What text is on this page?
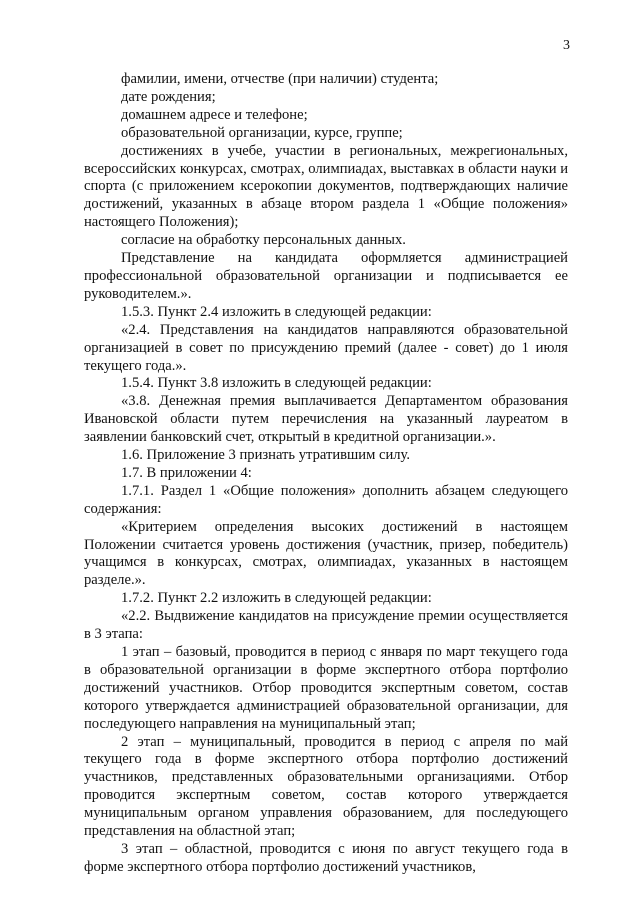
3

фамилии, имени, отчестве (при наличии) студента;

дате рождения;

домашнем адресе и телефоне;

образовательной организации, курсе, группе;

достижениях в учебе, участии в региональных, межрегиональных, всероссийских конкурсах, смотрах, олимпиадах, выставках в области науки и спорта (с приложением ксерокопии документов, подтверждающих наличие достижений, указанных в абзаце втором раздела 1 «Общие положения» настоящего Положения);

согласие на обработку персональных данных.

Представление на кандидата оформляется администрацией профессиональной образовательной организации и подписывается ее руководителем.».

1.5.3. Пункт 2.4 изложить в следующей редакции:

«2.4. Представления на кандидатов направляются образовательной организацией в совет по присуждению премий (далее - совет) до 1 июля текущего года.».

1.5.4. Пункт 3.8 изложить в следующей редакции:

«3.8. Денежная премия выплачивается Департаментом образования Ивановской области путем перечисления на указанный лауреатом в заявлении банковский счет, открытый в кредитной организации.».

1.6. Приложение 3 признать утратившим силу.

1.7. В приложении 4:

1.7.1. Раздел 1 «Общие положения» дополнить абзацем следующего содержания:

«Критерием определения высоких достижений в настоящем Положении считается уровень достижения (участник, призер, победитель) учащимся в конкурсах, смотрах, олимпиадах, указанных в настоящем разделе.».

1.7.2. Пункт 2.2 изложить в следующей редакции:

«2.2. Выдвижение кандидатов на присуждение премии осуществляется в 3 этапа:

1 этап – базовый, проводится в период с января по март текущего года в образовательной организации в форме экспертного отбора портфолио достижений участников. Отбор проводится экспертным советом, состав которого утверждается администрацией образовательной организации, для последующего направления на муниципальный этап;

2 этап – муниципальный, проводится в период с апреля по май текущего года в форме экспертного отбора портфолио достижений участников, представленных образовательными организациями. Отбор проводится экспертным советом, состав которого утверждается муниципальным органом управления образованием, для последующего представления на областной этап;

3 этап – областной, проводится с июня по август текущего года в форме экспертного отбора портфолио достижений участников,
